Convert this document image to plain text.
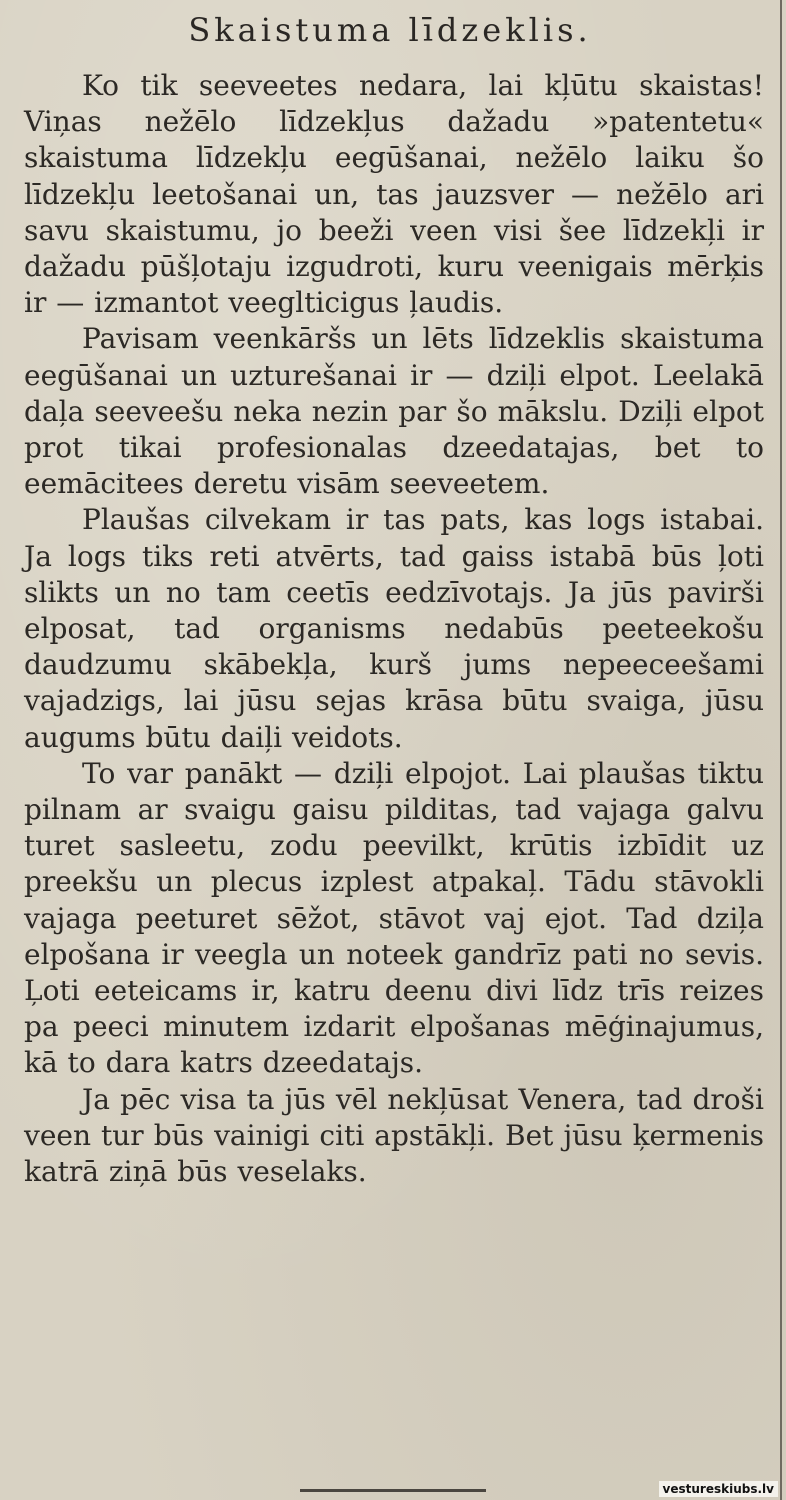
Skaistuma līdzeklis.

Ko tik seeveetes nedara, lai kļūtu skaistas! Viņas nežēlo līdzekļus dažadu »patentetu« skaistuma līdzekļu eegūšanai, nežēlo laiku šo līdzekļu leetošanai un, tas jauzsver — nežēlo ari savu skaistumu, jo beeži veen visi šee līdzekļi ir dažadu pūšļotaju izgudroti, kuru veenigais mērķis ir — izmantot veeglticigus ļaudis.

Pavisam veenkāršs un lēts līdzeklis skaistuma eegūšanai un uzturešanai ir — dziļi elpot. Leelakā daļa seeveešu neka nezin par šo mākslu. Dziļi elpot prot tikai profesionalas dzeedatajas, bet to eemācitees deretu visām seeveetem.

Plaušas cilvekam ir tas pats, kas logs istabai. Ja logs tiks reti atvērts, tad gaiss istabā būs ļoti slikts un no tam ceetīs eedzīvotajs. Ja jūs pavirši elposat, tad organisms nedabūs peeteekošu daudzumu skābekļa, kurš jums nepeeceešami vajadzigs, lai jūsu sejas krāsa būtu svaiga, jūsu augums būtu daiļi veidots.

To var panākt — dziļi elpojot. Lai plaušas tiktu pilnam ar svaigu gaisu pilditas, tad vajaga galvu turet sasleetu, zodu peevilkt, krūtis izbīdit uz preekšu un plecus izplest atpakaļ. Tādu stāvokli vajaga peeturet sēžot, stāvot vaj ejot. Tad dziļa elpošana ir veegla un noteek gandrīz pati no sevis. Ļoti eeteicams ir, katru deenu divi līdz trīs reizes pa peeci minutem izdarit elpošanas mēģinajumus, kā to dara katrs dzeedatajs.

Ja pēc visa ta jūs vēl nekļūsat Venera, tad droši veen tur būs vainigi citi apstākļi. Bet jūsu ķermenis katrā ziņā būs veselaks.

vestureskiubs.lv
